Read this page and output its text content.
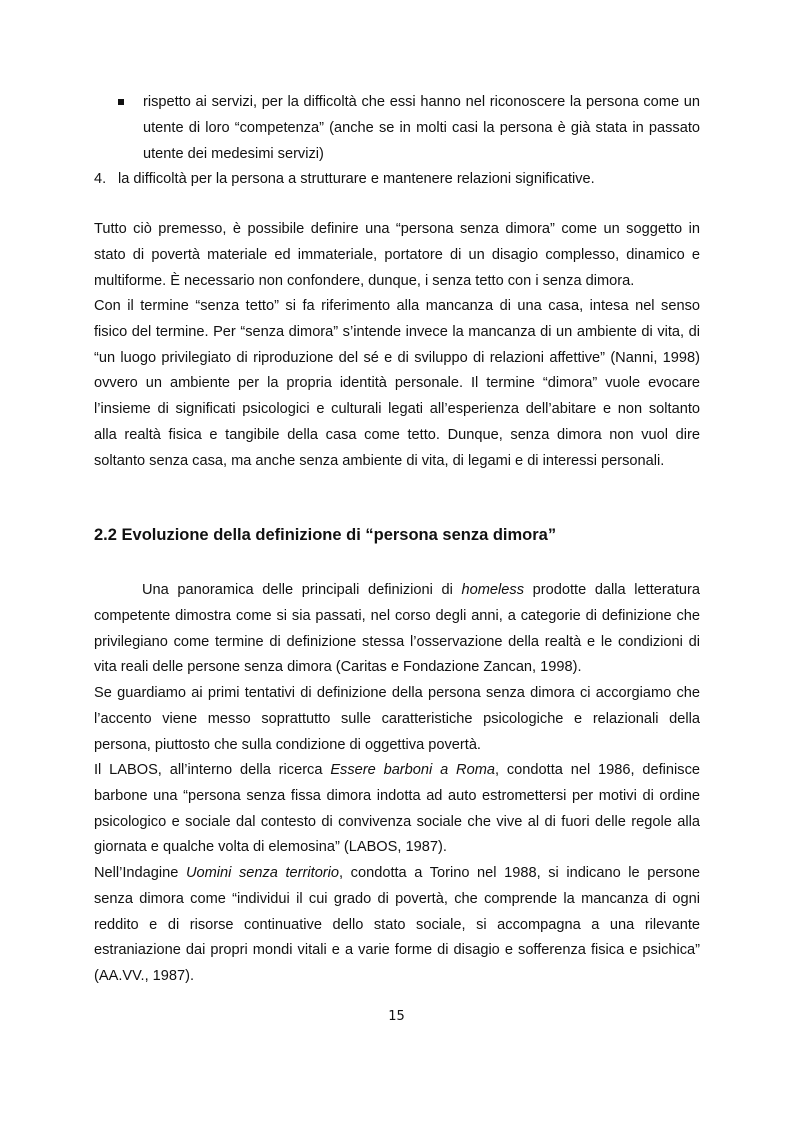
rispetto ai servizi, per la difficoltà che essi hanno nel riconoscere la persona come un
utente di loro “competenza” (anche se in molti casi la persona è già stata in passato
utente dei medesimi servizi)
4. la difficoltà per la persona a strutturare e mantenere relazioni significative.
Tutto ciò premesso, è possibile definire una “persona senza dimora” come un soggetto in
stato di povertà materiale ed immateriale, portatore di un disagio complesso, dinamico e
multiforme. È necessario non confondere, dunque, i senza tetto con i senza dimora.
Con il termine “senza tetto” si fa riferimento alla mancanza di una casa, intesa nel senso
fisico del termine. Per “senza dimora” s’intende invece la mancanza di un ambiente di vita, di
“un luogo privilegiato di riproduzione del sé e di sviluppo di relazioni affettive” (Nanni, 1998)
ovvero un ambiente per la propria identità personale. Il termine “dimora” vuole evocare
l’insieme di significati psicologici e culturali legati all’esperienza dell’abitare e non soltanto
alla realtà fisica e tangibile della casa come tetto. Dunque, senza dimora non vuol dire
soltanto senza casa, ma anche senza ambiente di vita, di legami e di interessi personali.
2.2 Evoluzione della definizione di “persona senza dimora”
Una panoramica delle principali definizioni di homeless prodotte dalla letteratura
competente dimostra come si sia passati, nel corso degli anni, a categorie di definizione che
privilegiano come termine di definizione stessa l’osservazione della realtà e le condizioni di
vita reali delle persone senza dimora (Caritas e Fondazione Zancan, 1998).
Se guardiamo ai primi tentativi di definizione della persona senza dimora ci accorgiamo che
l’accento viene messo soprattutto sulle caratteristiche psicologiche e relazionali della
persona, piuttosto che sulla condizione di oggettiva povertà.
Il LABOS, all’interno della ricerca Essere barboni a Roma, condotta nel 1986, definisce
barbone una “persona senza fissa dimora indotta ad auto estromettersi per motivi di ordine
psicologico e sociale dal contesto di convivenza sociale che vive al di fuori delle regole alla
giornata e qualche volta di elemosina” (LABOS, 1987).
Nell’Indagine Uomini senza territorio, condotta a Torino nel 1988, si indicano le persone
senza dimora come “individui il cui grado di povertà, che comprende la mancanza di ogni
reddito e di risorse continuative dello stato sociale, si accompagna a una rilevante
estraniazione dai propri mondi vitali e a varie forme di disagio e sofferenza fisica e psichica”
(AA.VV., 1987).
15
